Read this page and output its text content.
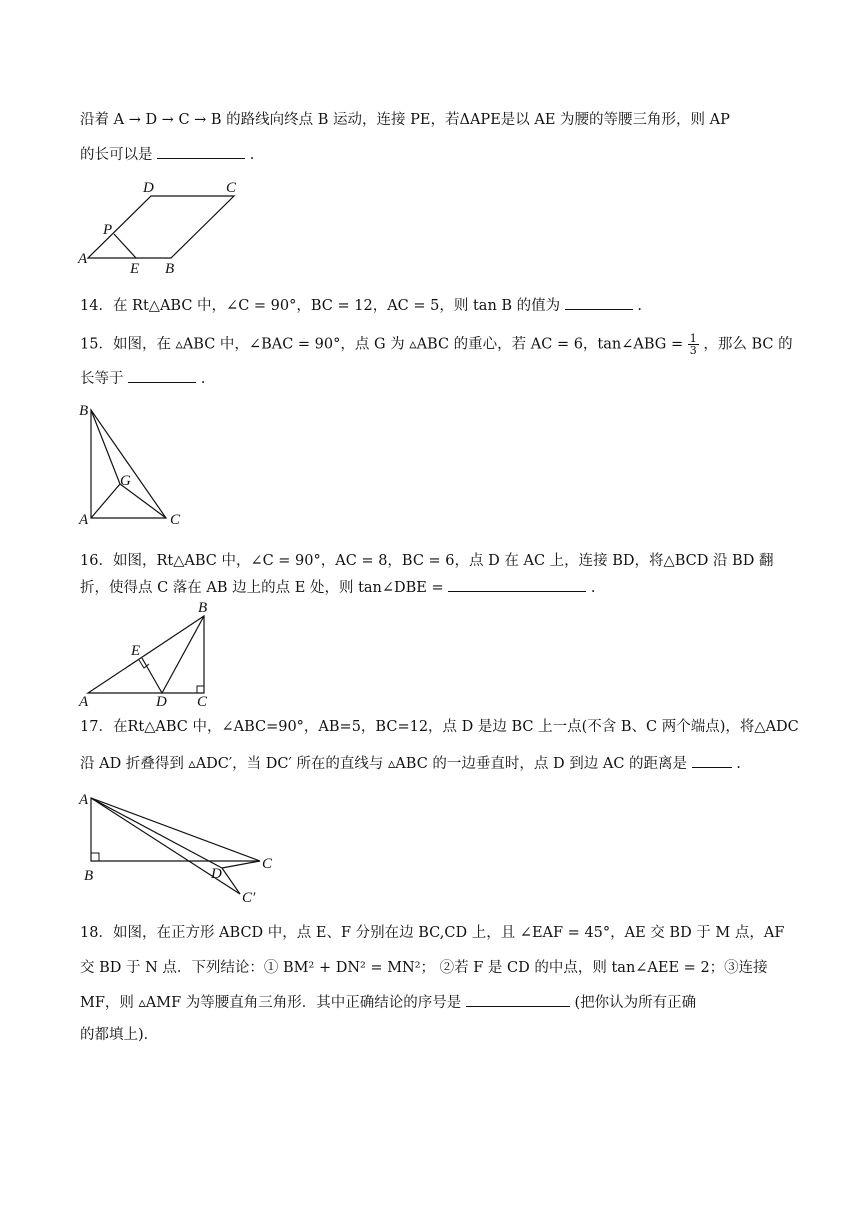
沿着 A → D → C → B 的路线向终点 B 运动，连接 PE，若ΔAPE是以 AE 为腰的等腰三角形，则 AP
的长可以是	.
A
E B
C
D
P
14．在 Rt△ABC 中，∠C = 90°，BC = 12，AC = 5，则 tan B 的值为	.
15．如图，在 ▵ABC 中，∠BAC = 90°，点 G 为 ▵ABC 的重心，若 AC = 6，tan∠ABG = $\frac{1}{3}$ ，那么 BC 的
长等于	.
B
G
A	C
16．如图，Rt△ABC 中，∠C = 90°，AC = 8，BC = 6，点 D 在 AC 上，连接 BD，将△BCD 沿 BD 翻
折，使得点 C 落在 AB 边上的点 E 处，则 tan∠DBE =	.
B
E
A	D C
17．在Rt△ABC 中，∠ABC=90°，AB=5，BC=12，点 D 是边 BC 上一点(不含 B、C 两个端点)，将△ADC
沿 AD 折叠得到 ▵ADC′，当 DC′ 所在的直线与 ▵ABC 的一边垂直时，点 D 到边 AC 的距离是	.
A
B
C
D
C′
18．如图，在正方形 ABCD 中，点 E、F 分别在边 BC,CD 上，且 ∠EAF = 45°，AE 交 BD 于 M 点，AF
交 BD 于 N 点．下列结论：① BM² + DN² = MN²； ②若 F 是 CD 的中点，则 tan∠AEE = 2；③连接
MF，则 ▵AMF 为等腰直角三角形．其中正确结论的序号是	(把你认为所有正确
的都填上)．
